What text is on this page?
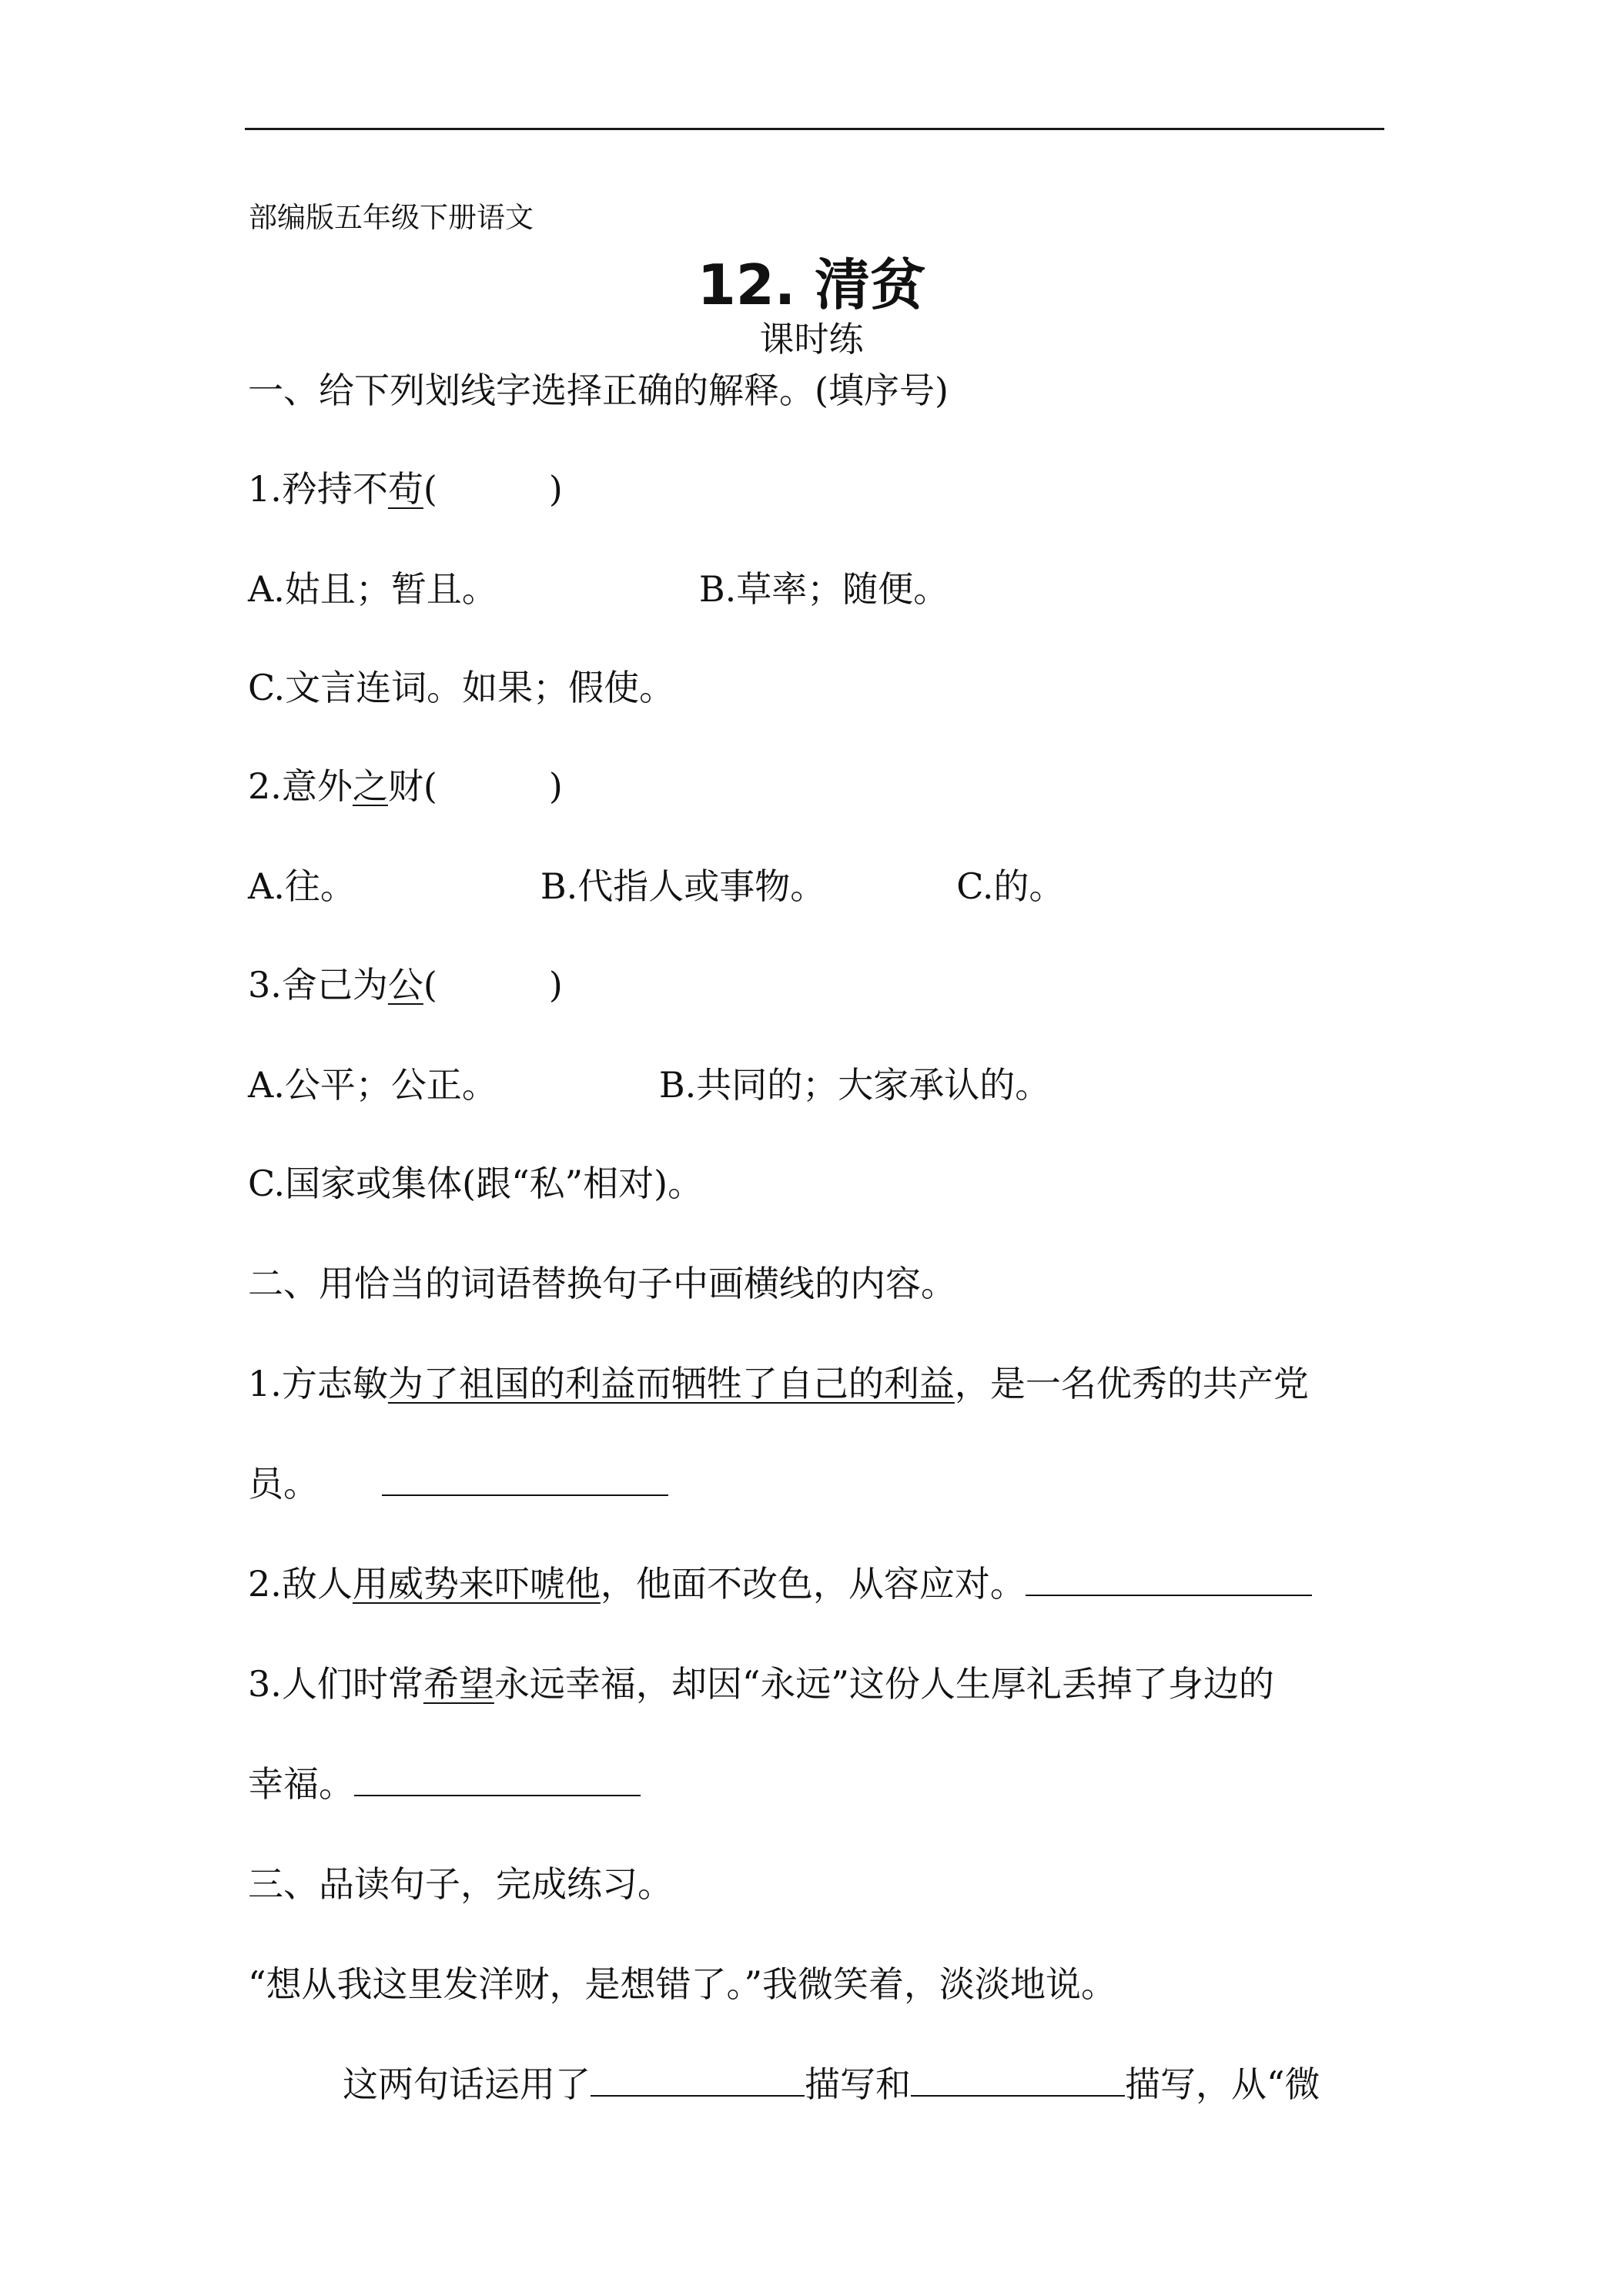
部编版五年级下册语文
12. 清贫
课时练
一、给下列划线字选择正确的解释。(填序号)
1.矜持不苟(	)
A.姑且；暂且。	B.草率；随便。
C.文言连词。如果；假使。
2.意外之财(	)
A.往。	B.代指人或事物。	C.的。
3.舍己为公(	)
A.公平；公正。	B.共同的；大家承认的。
C.国家或集体(跟“私”相对)。
二、用恰当的词语替换句子中画横线的内容。
1.方志敏为了祖国的利益而牺牲了自己的利益，是一名优秀的共产党
员。
2.敌人用威势来吓唬他，他面不改色，从容应对。
3.人们时常希望永远幸福，却因“永远”这份人生厚礼丢掉了身边的
幸福。
三、品读句子，完成练习。
“想从我这里发洋财，是想错了。”我微笑着，淡淡地说。
这两句话运用了	描写和	描写，从“微
